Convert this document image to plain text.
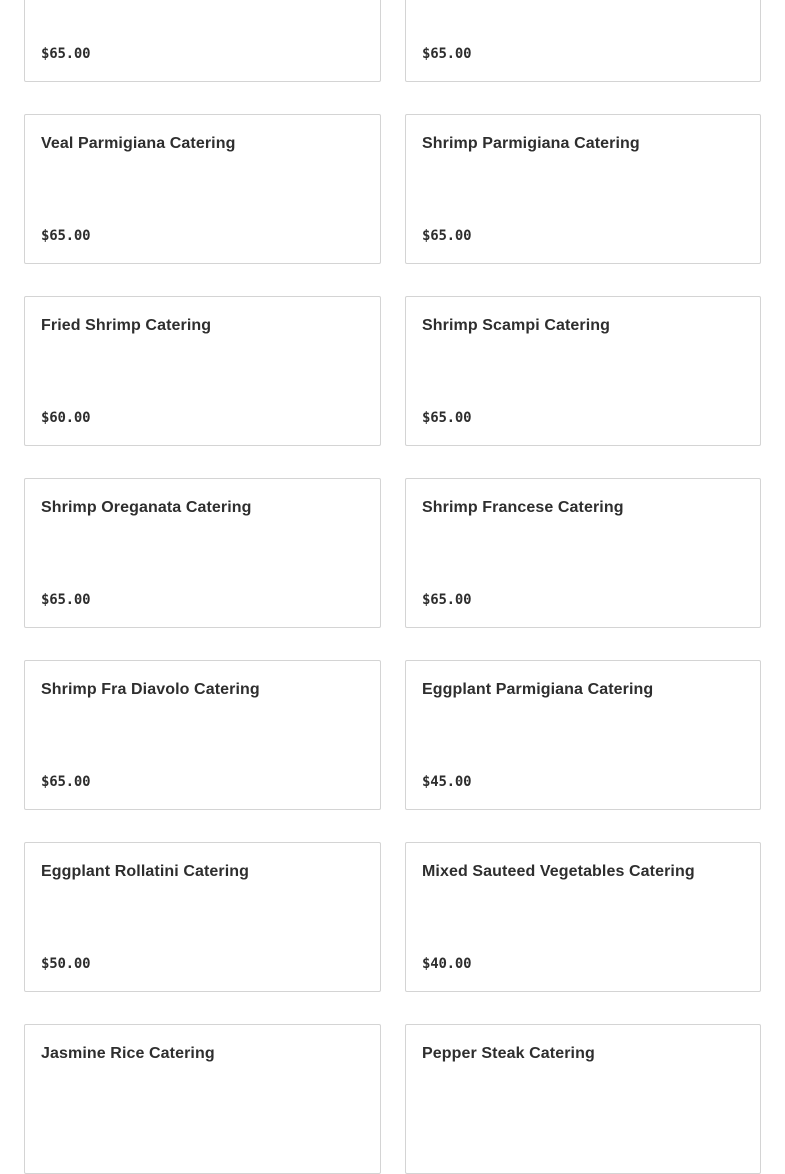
$65.00	$65.00
Veal Parmigiana Catering
$65.00
Shrimp Parmigiana Catering
$65.00
Fried Shrimp Catering
$60.00
Shrimp Scampi Catering
$65.00
Shrimp Oreganata Catering
$65.00
Shrimp Francese Catering
$65.00
Shrimp Fra Diavolo Catering
$65.00
Eggplant Parmigiana Catering
$45.00
Eggplant Rollatini Catering
$50.00
Mixed Sauteed Vegetables Catering
$40.00
Jasmine Rice Catering	Pepper Steak Catering
